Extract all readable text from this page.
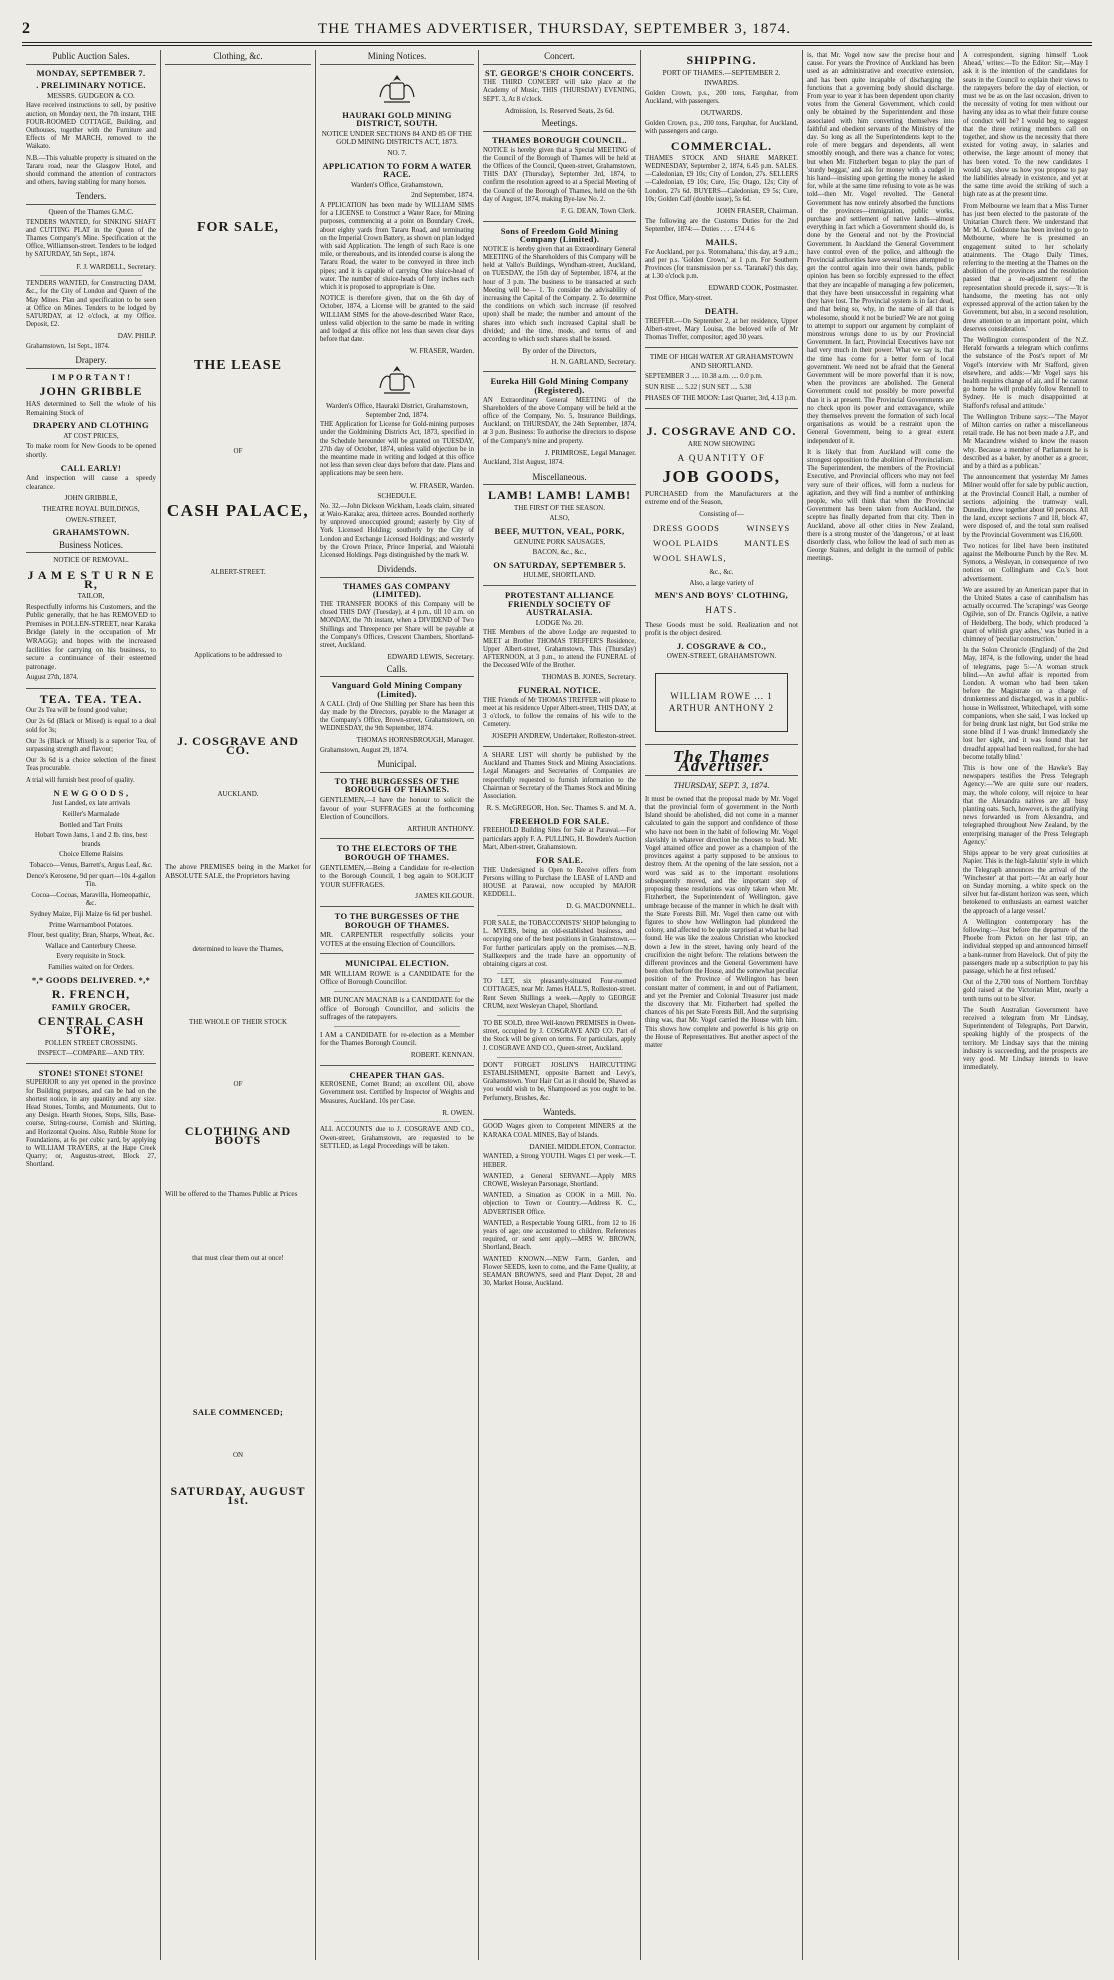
2	THE THAMES ADVERTISER, THURSDAY, SEPTEMBER 3, 1874.
Public Auction Sales.
MONDAY, SEPTEMBER 7.
. PRELIMINARY NOTICE.
MESSRS. GUDGEON & CO.
Have received instructions to sell, by positive auction, on Monday next, the 7th instant, THE FOUR-ROOMED COTTAGE, Building, and Outhouses, together with the Furniture and Effects of Mr MARCH, removed to the Waikato.
N.B.—This valuable property is situated on the Tararu road, near the Glasgow Hotel, and should command the attention of contractors and others, having stabling for many horses.
Tenders.
Queen of the Thames G.M.C.
TENDERS WANTED, for SINKING SHAFT and CUTTING PLAT in the Queen of the Thames Company's Mine. Specification at the Office, Williamson-street. Tenders to be lodged by SATURDAY, 5th Sept., 1874.
F. J. WARDELL, Secretary.
TENDERS WANTED, for Constructing DAM, &c., for the City of London and Queen of the May Mines. Plan and specification to be seen at Office on Mines. Tenders to be lodged by SATURDAY, at 12 o'clock, at my Office. Deposit, £2.
DAV. PHILP.
Grahamstown, 1st Sept., 1874.
Drapery.
I M P O R T A N T !
JOHN GRIBBLE
HAS determined to Sell the whole of his Remaining Stock of
DRAPERY AND CLOTHING
AT COST PRICES,
To make room for New Goods to be opened shortly.
CALL EARLY!
And inspection will cause a speedy clearance.
JOHN GRIBBLE,
THEATRE ROYAL BUILDINGS,
OWEN-STREET,
GRAHAMSTOWN.
Business Notices.
NOTICE OF REMOVAL.
J A M E S T U R N E R,
TAILOR,
Respectfully informs his Customers, and the Public generally, that he has REMOVED to Premises in POLLEN-STREET, near Karaka Bridge (lately in the occupation of Mr WRAGG); and hopes with the increased facilities for carrying on his business, to secure a continuance of their esteemed patronage.
August 27th, 1874.
TEA. TEA. TEA.
Our 2s Tea will be found good value;
Our 2s 6d (Black or Mixed) is equal to a deal sold for 3s;
Our 3s (Black or Mixed) is a superior Tea, of surpassing strength and flavour;
Our 3s 6d is a choice selection of the finest Teas procurable.
A trial will furnish best proof of quality.
N E W G O O D S ,
Just Landed, ex late arrivals
Keiller's Marmalade
Bottled and Tart Fruits
Hobart Town Jams, 1 and 2 lb. tins, best brands
Choice Elleme Raisins
Tobacco—Venus, Barrett's, Argus Leaf, &c.
Dence's Kerosene, 9d per quart—10s 4-gallon Tin.
Cocoa—Cocoas, Maravilla, Homeopathic, &c.
Sydney Maize, Fiji Maize 6s 6d per bushel.
Prime Warrnambool Potatoes.
Flour, best quality; Bran, Sharps, Wheat, &c.
Wallace and Canterbury Cheese.
Every requisite in Stock.
Families waited on for Orders.
*,* GOODS DELIVERED. *,*
R. FRENCH,
FAMILY GROCER,
CENTRAL CASH STORE,
POLLEN STREET CROSSING.
INSPECT—COMPARE—AND TRY.
STONE! STONE! STONE!
SUPERIOR to any yet opened in the province for Building purposes, and can be had on the shortest notice, in any quantity and any size. Head Stones, Tombs, and Monuments. Out to any Design. Hearth Stones, Steps, Sills, Base-course, String-course, Cornish and Skirting, and Horizontal Quoins. Also, Rubble Stone for Foundations, at 6s per cubic yard, by applying to WILLIAM TRAVERS, at the Hape Creek Quarry; or, Augustus-street, Block 27, Shortland.
Clothing, &c.
FOR SALE,
THE LEASE
OF
CASH PALACE,
ALBERT-STREET.
Applications to be addressed to
J. COSGRAVE AND CO.
AUCKLAND.
The above PREMISES being in the Market for ABSOLUTE SALE, the Proprietors having
determined to leave the Thames,
THE WHOLE OF THEIR STOCK
OF
CLOTHING AND BOOTS
Will be offered to the Thames Public at Prices
that must clear them out at once!
SALE COMMENCED;
ON
SATURDAY, AUGUST 1st.
Mining Notices.
HAURAKI GOLD MINING DISTRICT, SOUTH.
NOTICE UNDER SECTIONS 84 AND 85 OF THE GOLD MINING DISTRICTS ACT, 1873.
NO. 7.
APPLICATION TO FORM A WATER RACE.
Warden's Office, Grahamstown,
2nd September, 1874.
A PPLICATION has been made by WILLIAM SIMS for a LICENSE to Construct a Water Race, for Mining purposes, commencing at a point on Boundary Creek, about eighty yards from Tararu Road, and terminating on the Imperial Crown Battery, as shown on plan lodged with said Application. The length of such Race is one mile, or thereabouts, and its intended course is along the Tararu Road, the water to be conveyed in three inch pipes; and it is capable of carrying One sluice-head of water. The number of sluice-heads of forty inches each which it is proposed to appropriate is One.
NOTICE is therefore given, that on the 6th day of October, 1874, a License will be granted to the said WILLIAM SIMS for the above-described Water Race, unless valid objection to the same be made in writing and lodged at this office not less than seven clear days before that date.
W. FRASER, Warden.
Warden's Office, Hauraki District, Grahamstown, September 2nd, 1874.
THE Application for License for Gold-mining purposes under the Goldmining Districts Act, 1873, specified in the Schedule hereunder will be granted on TUESDAY, 27th day of October, 1874, unless valid objection be in the meantime made in writing and lodged at this office not less than seven clear days before that date. Plans and applications may be seen here.
W. FRASER, Warden.
SCHEDULE.
No. 32.—John Dickson Wickham, Leads claim, situated at Waio-Karaka; area, thirteen acres. Bounded northerly by unproved unoccupied ground; easterly by City of York Licensed Holding; southerly by the City of London and Exchange Licensed Holdings; and westerly by the Crown Prince, Prince Imperial, and Waiotahi Licensed Holdings. Pegs distinguished by the mark W.
Dividends.
THAMES GAS COMPANY (LIMITED).
THE TRANSFER BOOKS of this Company will be closed THIS DAY (Tuesday), at 4 p.m., till 10 a.m. on MONDAY, the 7th instant, when a DIVIDEND of Two Shillings and Threepence per Share will be payable at the Company's Offices, Crescent Chambers, Shortland-street, Auckland.
EDWARD LEWIS, Secretary.
Calls.
Vanguard Gold Mining Company (Limited).
A CALL (3rd) of One Shilling per Share has been this day made by the Directors, payable to the Manager at the Company's Office, Brown-street, Grahamstown, on WEDNESDAY, the 9th September, 1874.
THOMAS HORNSBROUGH, Manager.
Grahamstown, August 29, 1874.
Municipal.
TO THE BURGESSES OF THE BOROUGH OF THAMES.
GENTLEMEN,—I have the honour to solicit the favour of your SUFFRAGES at the forthcoming Election of Councillors.
ARTHUR ANTHONY.
TO THE ELECTORS OF THE BOROUGH OF THAMES.
GENTLEMEN,—Being a Candidate for re-election to the Borough Council, I beg again to SOLICIT YOUR SUFFRAGES.
JAMES KILGOUR.
TO THE BURGESSES OF THE BOROUGH OF THAMES.
MR. CARPENTER respectfully solicits your VOTES at the ensuing Election of Councillors.
MUNICIPAL ELECTION.
MR WILLIAM ROWE is a CANDIDATE for the Office of Borough Councillor.
MR DUNCAN MACNAB is a CANDIDATE for the office of Borough Councillor, and solicits the suffrages of the ratepayers.
I AM a CANDIDATE for re-election as a Member for the Thames Borough Council.
ROBERT. KENNAN.
CHEAPER THAN GAS.
KEROSENE, Comet Brand; an excellent Oil, above Government test. Certified by Inspector of Weights and Measures, Auckland. 10s per Case.
R. OWEN.
ALL ACCOUNTS due to J. COSGRAVE AND CO., Owen-street, Grahamstown, are requested to be SETTLED, as Legal Proceedings will be taken.
Concert.
ST. GEORGE'S CHOIR CONCERTS.
THE THIRD CONCERT will take place at the Academy of Music, THIS (THURSDAY) EVENING, SEPT. 3, At 8 o'clock.
Admission, 1s. Reserved Seats, 2s 6d.
Meetings.
THAMES BOROUGH COUNCIL.
NOTICE is hereby given that a Special MEETING of the Council of the Borough of Thames will be held at the Offices of the Council, Queen-street, Grahamstown, THIS DAY (Thursday), September 3rd, 1874, to confirm the resolution agreed to at a Special Meeting of the Council of the Borough of Thames, held on the 6th day of August, 1874, making Bye-law No. 2.
F. G. DEAN, Town Clerk.
Sons of Freedom Gold Mining Company (Limited).
NOTICE is hereby given that an Extraordinary General MEETING of the Shareholders of this Company will be held at Vallo's Buildings, Wyndham-street, Auckland, on TUESDAY, the 15th day of September, 1874, at the hour of 3 p.m. The business to be transacted at such Meeting will be— 1. To consider the advisability of increasing the Capital of the Company. 2. To determine the conditions on which such increase (if resolved upon) shall be made; the number and amount of the shares into which such increased Capital shall be divided; and the time, mode, and terms of and according to which such shares shall be issued.
By order of the Directors,
H. N. GARLAND, Secretary.
Eureka Hill Gold Mining Company (Registered).
AN Extraordinary General MEETING of the Shareholders of the above Company will be held at the office of the Company, No. 5, Insurance Buildings, Auckland, on THURSDAY, the 24th September, 1874, at 3 p.m. Business: To authorise the directors to dispose of the Company's mine and property.
J. PRIMROSE, Legal Manager.
Auckland, 31st August, 1874.
Miscellaneous.
LAMB! LAMB! LAMB!
THE FIRST OF THE SEASON.
ALSO,
BEEF, MUTTON, VEAL, PORK,
GENUINE PORK SAUSAGES,
BACON, &c., &c.,
ON SATURDAY, SEPTEMBER 5.
HULME, SHORTLAND.
PROTESTANT ALLIANCE FRIENDLY SOCIETY OF AUSTRALASIA.
LODGE No. 20.
THE Members of the above Lodge are requested to MEET at Brother THOMAS TREFFER'S Residence, Upper Albert-street, Grahamstown, This (Thursday) AFTERNOON, at 3 p.m., to attend the FUNERAL of the Deceased Wife of the Brother.
THOMAS B. JONES, Secretary.
FUNERAL NOTICE.
THE Friends of Mr THOMAS TREFFER will please to meet at his residence Upper Albert-street, THIS DAY, at 3 o'clock, to follow the remains of his wife to the Cemetery.
JOSEPH ANDREW, Undertaker, Rolleston-street.
A SHARE LIST will shortly be published by the Auckland and Thames Stock and Mining Associations. Legal Managers and Secretaries of Companies are respectfully requested to furnish information to the Chairman or Secretary of the Thames Stock and Mining Association.
R. S. McGREGOR, Hon. Sec. Thames S. and M. A.
FREEHOLD FOR SALE.
FREEHOLD Building Sites for Sale at Parawai.—For particulars apply F. A. PULLING, H. Bowden's Auction Mart, Albert-street, Grahamstown.
FOR SALE.
THE Undersigned is Open to Receive offers from Persons willing to Purchase the LEASE of LAND and HOUSE at Parawai, now occupied by MAJOR KEDDELL.
D. G. MACDONNELL.
FOR SALE, the TOBACCONISTS' SHOP belonging to L. MYERS, being an old-established business, and occupying one of the best positions in Grahamstown.—For further particulars apply on the premises.—N.B. Stallkeepers and the trade have an opportunity of obtaining cigars at cost.
TO LET, six pleasantly-situated Four-roomed COTTAGES, near Mr. James HALL'S, Rolleston-street. Rent Seven Shillings a week.—Apply to GEORGE CRUM, next Wesleyan Chapel, Shortland.
TO BE SOLD, three Well-known PREMISES in Owen-street, occupied by J. COSGRAVE AND CO. Part of the Stock will be given on terms. For particulars, apply J. COSGRAVE AND CO., Queen-street, Auckland.
DON'T FORGET JOSLIN'S HAIRCUTTING ESTABLISHMENT, opposite Barnett and Levy's, Grahamstown. Your Hair Cut as it should be, Shaved as you would wish to be, Shampooed as you ought to be. Perfumery, Brushes, &c.
Wanteds.
GOOD Wages given to Competent MINERS at the KARAKA COAL MINES, Bay of Islands.
DANIEL MIDDLETON, Contractor.
WANTED, a Strong YOUTH. Wages £1 per week.—T. HEBER.
WANTED, a General SERVANT.—Apply MRS CROWE, Wesleyan Parsonage, Shortland.
WANTED, a Situation as COOK in a Mill. No. objection to Town or Country.—Address K. C., ADVERTISER Office.
WANTED, a Respectable Young GIRL, from 12 to 16 years of age; one accustomed to children. References required, or send sent apply.—MRS W. BROWN, Shortland, Beach.
WANTED KNOWN.—NEW Farm, Garden, and Flower SEEDS, keen to come, and the Fame Quality, at SEAMAN BROWN'S, seed and Plant Depot, 28 and 30, Market House, Auckland.
SHIPPING.
PORT OF THAMES.—SEPTEMBER 2.
INWARDS.
Golden Crown, p.s., 200 tons, Farquhar, from Auckland, with passengers.
OUTWARDS.
Golden Crown, p.s., 200 tons, Farquhar, for Auckland, with passengers and cargo.
COMMERCIAL.
THAMES STOCK AND SHARE MARKET. WEDNESDAY, September 2, 1874, 6.45 p.m. SALES.—Caledonian, £9 10s; City of London, 27s. SELLERS—Caledonian, £9 10s; Cure, 15s; Otago, 12s; City of London, 27s 6d. BUYERS—Caledonian, £9 5s; Cure, 10s; Golden Calf (double issue), 5s 6d.
JOHN FRASER, Chairman.
The following are the Customs Duties for the 2nd September, 1874:— Duties . . . . £74 4 6
MAILS.
For Auckland, per p.s. 'Rotomahana,' this day, at 9 a.m.; and per p.s. 'Golden Crown,' at 1 p.m. For Southern Provinces (for transmission per s.s. 'Taranaki') this day, at 1.30 o'clock p.m.
EDWARD COOK, Postmaster.
Post Office, Mary-street.
DEATH.
TREFFER.—On September 2, at her residence, Upper Albert-street, Mary Louisa, the beloved wife of Mr Thomas Treffer, compositor; aged 30 years.
TIME OF HIGH WATER AT GRAHAMSTOWN AND SHORTLAND.
SEPTEMBER 3 ..... 10.38 a.m. .... 0.0 p.m.
SUN RISE .... 5.22 | SUN SET .... 5.38
PHASES OF THE MOON: Last Quarter, 3rd, 4.13 p.m.
J. COSGRAVE AND CO.
ARE NOW SHOWING
A QUANTITY OF
JOB GOODS,
PURCHASED from the Manufacturers at the extreme end of the Season,
Consisting of—
DRESS GOODS	WINSEYS
WOOL PLAIDS	MANTLES
WOOL SHAWLS,
&c., &c.
Also, a large variety of
MEN'S AND BOYS' CLOTHING,
HATS.
These Goods must be sold. Realization and not profit is the object desired.
J. COSGRAVE & CO.,
OWEN-STREET, GRAHAMSTOWN.
WILLIAM ROWE ... 1
ARTHUR ANTHONY 2
The Thames Advertiser.
THURSDAY, SEPT. 3, 1874.
It must be owned that the proposal made by Mr. Vogel that the provincial form of government in the North Island should be abolished, did not come in a manner calculated to gain the support and confidence of those who have not been in the habit of following Mr. Vogel slavishly in whatever direction he chooses to lead. Mr. Vogel attained office and power as a champion of the provinces against a party supposed to be anxious to destroy them. At the opening of the late session, not a word was said as to the important resolutions subsequently moved, and the important step of proposing these resolutions was only taken when Mr. Fitzherbert, the Superintendent of Wellington, gave umbrage because of the manner in which he dealt with the State Forests Bill. Mr. Vogel then came out with figures to show how Wellington had plundered the colony, and affected to be quite surprised at what he had found. He was like the zealous Christian who knocked down a Jew in the street, having only heard of the crucifixion the night before. The relations between the different provinces and the General Government have been often before the House, and the somewhat peculiar position of the Province of Wellington has been constant matter of comment, in and out of Parliament, and yet the Premier and Colonial Treasurer just made the discovery that Mr. Fitzherbert had spelled the chances of his pet State Forests Bill. And the surprising thing was, that Mr. Vogel carried the House with him. This shows how complete and powerful is his grip on the House of Representatives. But another aspect of the matter
is, that Mr. Vogel now saw the precise hour and cause. For years the Province of Auckland has been used as an administrative and executive extension, and has been quite incapable of discharging the functions that a governing body should discharge. From year to year it has been dependent upon charity votes from the General Government, which could only be obtained by the Superintendent and those associated with him converting themselves into faithful and obedient servants of the Ministry of the day. So long as all the Superintendents kept to the role of mere beggars and dependents, all went smoothly enough, and there was a chance for votes; but when Mr. Fitzherbert began to play the part of 'sturdy beggar,' and ask for money with a cudgel in his hand—insisting upon getting the money he asked for, while at the same time refusing to vote as he was told—then Mr. Vogel revolted. The General Government has now entirely absorbed the functions of the provinces—immigration, public works, purchase and settlement of native lands—almost everything in fact which a Government should do, is done by the General and not by the Provincial Government. In Auckland the General Government have control even of the police, and although the Provincial authorities have several times attempted to get the control again into their own hands, public opinion has been so forcibly expressed to the effect that they are incapable of managing a few policemen, that they have been unsuccessful in regaining what they have lost. The Provincial system is in fact dead, and that being so, why, in the name of all that is wholesome, should it not be buried? We are not going to attempt to support our argument by complaint of monstrous wrongs done to us by our Provincial Government. In fact, Provincial Executives have not had very much in their power. What we say is, that the time has come for a better form of local government. We need not be afraid that the General Government will be more powerful than it is now, when the provinces are abolished. The General Government could not possibly be more powerful than it is at present. The Provincial Governments are no check upon its power and extravagance, while they themselves prevent the formation of such local organisations as would be a restraint upon the General Government, being to a great extent independent of it.
It is likely that from Auckland will come the strongest opposition to the abolition of Provincialism. The Superintendent, the members of the Provincial Executive, and Provincial officers who may not feel very sure of their offices, will form a nucleus for agitation, and they will find a number of unthinking people, who will think that when the Provincial Government has been taken from Auckland, the sceptre has finally departed from that city. Then in Auckland, above all other cities in New Zealand, there is a strong muster of the 'dangerous,' or at least disorderly class, who follow the lead of such men as George Staines, and delight in the turmoil of public meetings.
A correspondent, signing himself 'Look Ahead,' writes:—To the Editor: Sir,—May I ask it is the intention of the candidates for seats in the Council to explain their views to the ratepayers before the day of election, or must we be as on the last occasion, driven to the necessity of voting for men without our having any idea as to what their future course of conduct will be? I would beg to suggest that the three retiring members call on together, and show us the necessity that there existed for voting away, in salaries and otherwise, the large amount of money that has been voted. To the new candidates I would say, show us how you propose to pay the liabilities already in existence, and yet at the same time avoid the striking of such a high rate as at the present time.
From Melbourne we learn that a Miss Turner has just been elected to the pastorate of the Unitarian Church there. We understand that Mr M. A. Goldstone has been invited to go to Melbourne, where he is presumed an engagement suited to her scholarly attainments. The Otago Daily Times, referring to the meeting at the Thames on the abolition of the provinces and the resolution passed that a re-adjustment of the representation should precede it, says:—'It is handsome, the meeting has not only expressed approval of the action taken by the Government, but also, in a second resolution, drew attention to an important point, which deserves consideration.'
The Wellington correspondent of the N.Z. Herald forwards a telegram which confirms the substance of the Post's report of Mr Vogel's interview with Mr Stafford, given elsewhere, and adds:—'Mr Vogel says his health requires change of air, and if he cannot go home he will probably follow Rennell to Sydney. He is much disappointed at Stafford's refusal and attitude.'
The Wellington Tribune says:—'The Mayor of Milton carries on rather a miscellaneous retail trade. He has not been made a J.P., and Mr Macandrew wished to know the reason why. Because a member of Parliament he is described as a baker, by another as a grocer, and by a third as a publican.'
The announcement that yesterday Mr James Milner would offer for sale by public auction, at the Provincial Council Hall, a number of sections adjoining the tramway wall, Dunedin, drew together about 60 persons. All the land, except sections 7 and 18, block 47, were disposed of, and the total sum realised by the Provincial Government was £16,600.
Two notices for libel have been instituted against the Melbourne Punch by the Rev. M. Symons, a Wesleyan, in consequence of two notices on Collingham and Co.'s boot advertisement.
We are assured by an American paper that in the United States a case of cannibalism has actually occurred. The 'scrapings' was George Ogilvie, son of Dr. Francis Ogilvie, a native of Heidelberg. The body, which produced 'a quart of whitish gray ashes,' was buried in a chimney of 'peculiar construction.'
In the Solon Chronicle (England) of the 2nd May, 1874, is the following, under the head of telegrams, page 5:—'A woman struck blind.—An awful affair is reported from London. A woman who had been taken before the Magistrate on a charge of drunkenness and discharged, was in a public-house in Wellsstreet, Whitechapel, with some companions, when she said, I was locked up for being drunk last night, but God strike me stone blind if I was drunk! Immediately she lost her sight, and it was found that her dreadful appeal had been realized, for she had become totally blind.'
This is how one of the Hawke's Bay newspapers testifies the Press Telegraph Agency:—'We are quite sure our readers, may, the whole colony, will rejoice to hear that the Alexandra natives are all busy planting oats. Such, however, is the gratifying news forwarded us from Alexandra, and telegraphed throughout New Zealand, by the enterprising manager of the Press Telegraph Agency.'
Ships appear to be very great curiosities at Napier. This is the high-falutin' style in which the Telegraph announces the arrival of the 'Winchester' at that port:—'At an early hour on Sunday morning, a white speck on the silver but far-distant horizon was seen, which betokened to enthusiasts an earnest watcher the approach of a large vessel.'
A Wellington contemporary has the following:—'Just before the departure of the Phoebe from Picton on her last trip, an individual stepped up and announced himself a bank-runner from Havelock. Out of pity the passengers made up a subscription to pay his passage, which he at first refused.'
Out of the 2,700 tons of Northern Torchbay gold raised at the Victorian Mint, nearly a tenth turns out to be silver.
The South Australian Government have received a telegram from Mr Lindsay, Superintendent of Telegraphs, Port Darwin, speaking highly of the prospects of the territory. Mr Lindsay says that the mining industry is succeeding, and the prospects are very good. Mr Lindsay intends to leave immediately.
